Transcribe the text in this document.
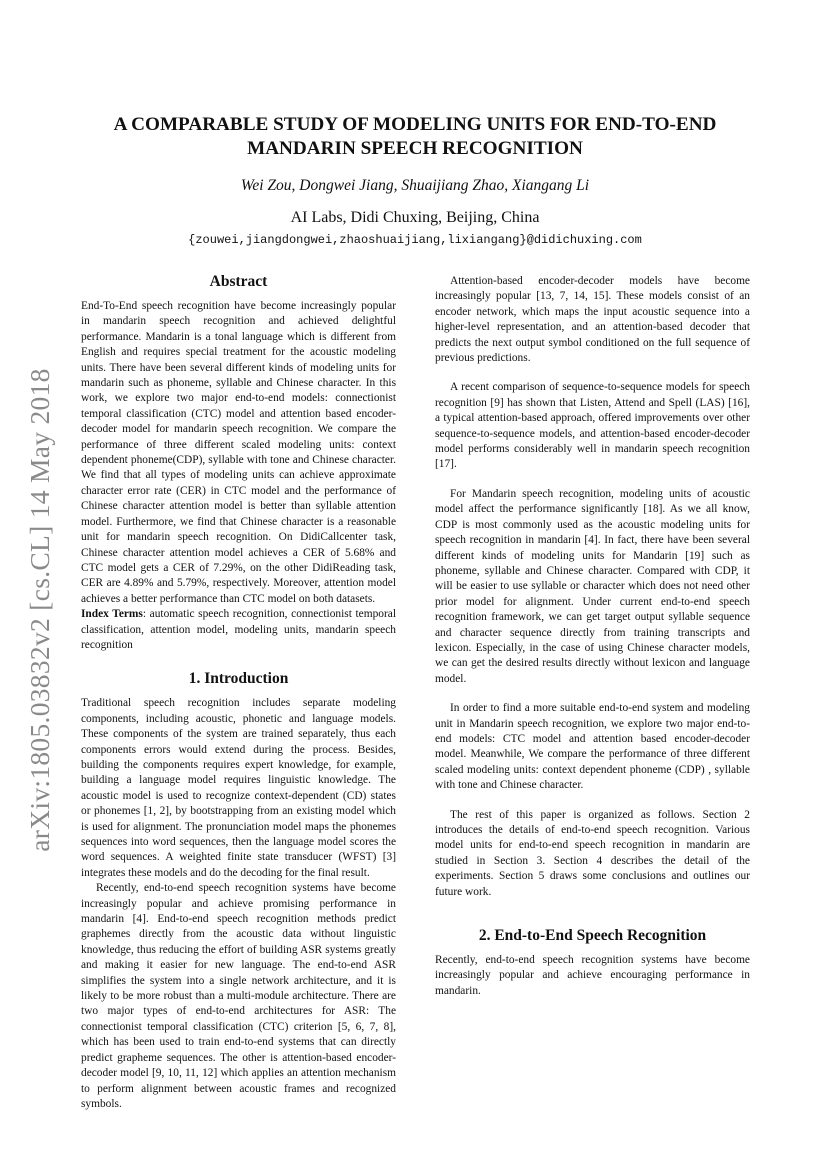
arXiv:1805.03832v2 [cs.CL] 14 May 2018
A COMPARABLE STUDY OF MODELING UNITS FOR END-TO-END MANDARIN SPEECH RECOGNITION
Wei Zou, Dongwei Jiang, Shuaijiang Zhao, Xiangang Li
AI Labs, Didi Chuxing, Beijing, China
{zouwei,jiangdongwei,zhaoshuaijiang,lixiangang}@didichuxing.com
Abstract

End-To-End speech recognition have become increasingly popular in mandarin speech recognition and achieved delightful performance. Mandarin is a tonal language which is different from English and requires special treatment for the acoustic modeling units. There have been several different kinds of modeling units for mandarin such as phoneme, syllable and Chinese character. In this work, we explore two major end-to-end models: connectionist temporal classification (CTC) model and attention based encoder-decoder model for mandarin speech recognition. We compare the performance of three different scaled modeling units: context dependent phoneme(CDP), syllable with tone and Chinese character. We find that all types of modeling units can achieve approximate character error rate (CER) in CTC model and the performance of Chinese character attention model is better than syllable attention model. Furthermore, we find that Chinese character is a reasonable unit for mandarin speech recognition. On DidiCallcenter task, Chinese character attention model achieves a CER of 5.68% and CTC model gets a CER of 7.29%, on the other DidiReading task, CER are 4.89% and 5.79%, respectively. Moreover, attention model achieves a better performance than CTC model on both datasets.

Index Terms: automatic speech recognition, connectionist temporal classification, attention model, modeling units, mandarin speech recognition

1. Introduction

Traditional speech recognition includes separate modeling components, including acoustic, phonetic and language models. These components of the system are trained separately, thus each components errors would extend during the process. Besides, building the components requires expert knowledge, for example, building a language model requires linguistic knowledge. The acoustic model is used to recognize context-dependent (CD) states or phonemes [1, 2], by bootstrapping from an existing model which is used for alignment. The pronunciation model maps the phonemes sequences into word sequences, then the language model scores the word sequences. A weighted finite state transducer (WFST) [3] integrates these models and do the decoding for the final result.

Recently, end-to-end speech recognition systems have become increasingly popular and achieve promising performance in mandarin [4]. End-to-end speech recognition methods predict graphemes directly from the acoustic data without linguistic knowledge, thus reducing the effort of building ASR systems greatly and making it easier for new language. The end-to-end ASR simplifies the system into a single network architecture, and it is likely to be more robust than a multi-module architecture. There are two major types of end-to-end architectures for ASR: The connectionist temporal classification (CTC) criterion [5, 6, 7, 8], which has been used to train end-to-end systems that can directly predict grapheme sequences. The other is attention-based encoder-decoder model [9, 10, 11, 12] which applies an attention mechanism to perform alignment between acoustic frames and recognized symbols.

Attention-based encoder-decoder models have become increasingly popular [13, 7, 14, 15]. These models consist of an encoder network, which maps the input acoustic sequence into a higher-level representation, and an attention-based decoder that predicts the next output symbol conditioned on the full sequence of previous predictions.

A recent comparison of sequence-to-sequence models for speech recognition [9] has shown that Listen, Attend and Spell (LAS) [16], a typical attention-based approach, offered improvements over other sequence-to-sequence models, and attention-based encoder-decoder model performs considerably well in mandarin speech recognition [17].

For Mandarin speech recognition, modeling units of acoustic model affect the performance significantly [18]. As we all know, CDP is most commonly used as the acoustic modeling units for speech recognition in mandarin [4]. In fact, there have been several different kinds of modeling units for Mandarin [19] such as phoneme, syllable and Chinese character. Compared with CDP, it will be easier to use syllable or character which does not need other prior model for alignment. Under current end-to-end speech recognition framework, we can get target output syllable sequence and character sequence directly from training transcripts and lexicon. Especially, in the case of using Chinese character models, we can get the desired results directly without lexicon and language model.

In order to find a more suitable end-to-end system and modeling unit in Mandarin speech recognition, we explore two major end-to-end models: CTC model and attention based encoder-decoder model. Meanwhile, We compare the performance of three different scaled modeling units: context dependent phoneme (CDP) , syllable with tone and Chinese character.

The rest of this paper is organized as follows. Section 2 introduces the details of end-to-end speech recognition. Various model units for end-to-end speech recognition in mandarin are studied in Section 3. Section 4 describes the detail of the experiments. Section 5 draws some conclusions and outlines our future work.

2. End-to-End Speech Recognition

Recently, end-to-end speech recognition systems have become increasingly popular and achieve encouraging performance in mandarin.
